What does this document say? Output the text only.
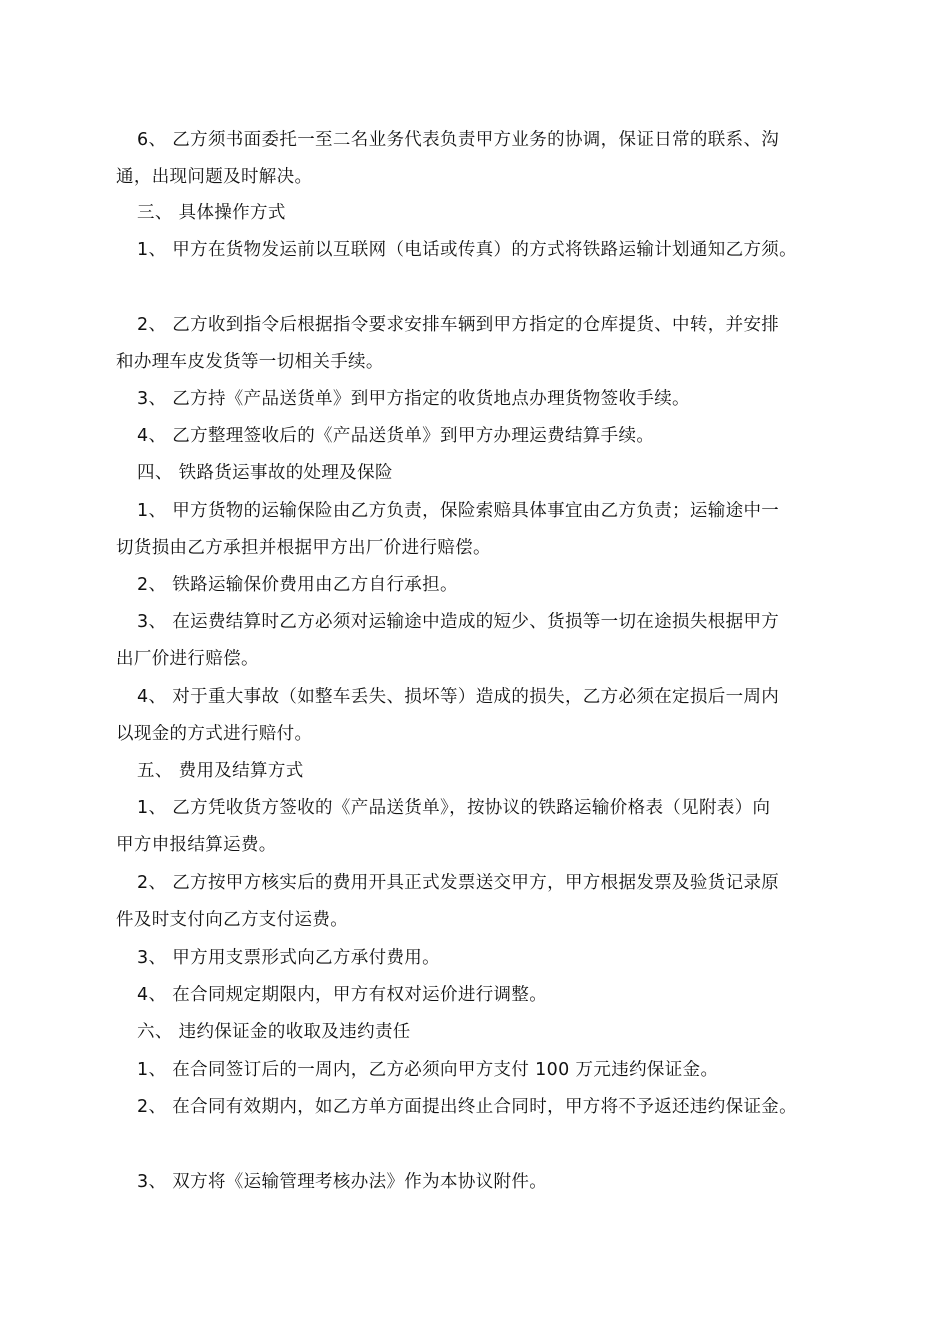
6、 乙方须书面委托一至二名业务代表负责甲方业务的协调，保证日常的联系、沟
通，出现问题及时解决。
三、 具体操作方式
1、 甲方在货物发运前以互联网（电话或传真）的方式将铁路运输计划通知乙方须。
2、 乙方收到指令后根据指令要求安排车辆到甲方指定的仓库提货、中转，并安排
和办理车皮发货等一切相关手续。
3、 乙方持《产品送货单》到甲方指定的收货地点办理货物签收手续。
4、 乙方整理签收后的《产品送货单》到甲方办理运费结算手续。
四、 铁路货运事故的处理及保险
1、 甲方货物的运输保险由乙方负责，保险索赔具体事宜由乙方负责；运输途中一
切货损由乙方承担并根据甲方出厂价进行赔偿。
2、 铁路运输保价费用由乙方自行承担。
3、 在运费结算时乙方必须对运输途中造成的短少、货损等一切在途损失根据甲方
出厂价进行赔偿。
4、 对于重大事故（如整车丢失、损坏等）造成的损失，乙方必须在定损后一周内
以现金的方式进行赔付。
五、 费用及结算方式
1、 乙方凭收货方签收的《产品送货单》，按协议的铁路运输价格表（见附表）向
甲方申报结算运费。
2、 乙方按甲方核实后的费用开具正式发票送交甲方，甲方根据发票及验货记录原
件及时支付向乙方支付运费。
3、 甲方用支票形式向乙方承付费用。
4、 在合同规定期限内，甲方有权对运价进行调整。
六、 违约保证金的收取及违约责任
1、 在合同签订后的一周内，乙方必须向甲方支付 100 万元违约保证金。
2、 在合同有效期内，如乙方单方面提出终止合同时，甲方将不予返还违约保证金。
3、 双方将《运输管理考核办法》作为本协议附件。
